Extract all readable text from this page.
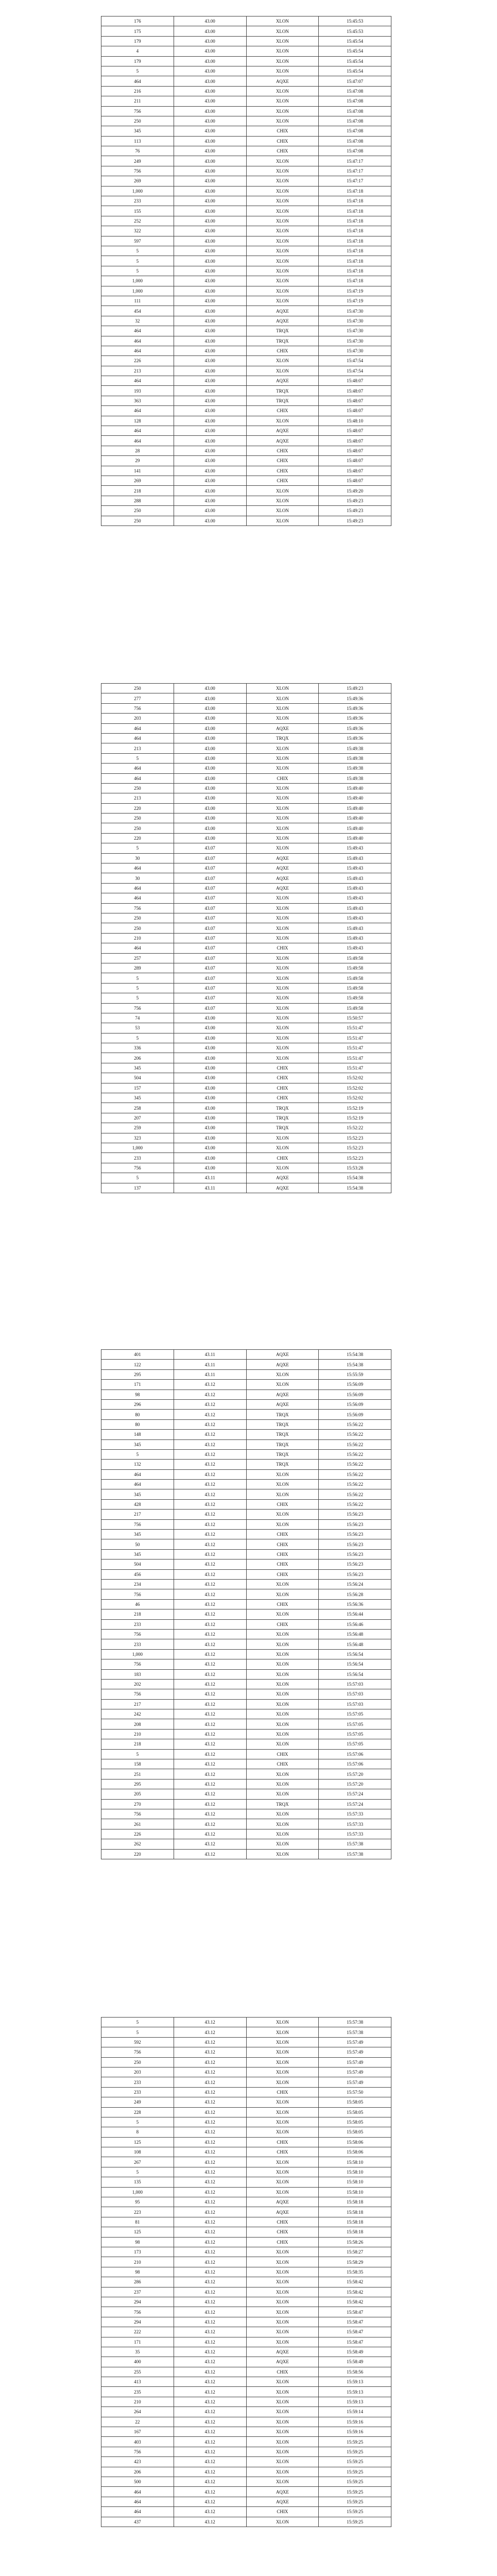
176	43.00	XLON	15:45:53
175	43.00	XLON	15:45:53
179	43.00	XLON	15:45:54
4	43.00	XLON	15:45:54
179	43.00	XLON	15:45:54
5	43.00	XLON	15:45:54
464	43.00	AQXE	15:47:07
216	43.00	XLON	15:47:08
211	43.00	XLON	15:47:08
756	43.00	XLON	15:47:08
250	43.00	XLON	15:47:08
345	43.00	CHIX	15:47:08
113	43.00	CHIX	15:47:08
76	43.00	CHIX	15:47:08
249	43.00	XLON	15:47:17
756	43.00	XLON	15:47:17
269	43.00	XLON	15:47:17
1,000	43.00	XLON	15:47:18
233	43.00	XLON	15:47:18
155	43.00	XLON	15:47:18
252	43.00	XLON	15:47:18
322	43.00	XLON	15:47:18
597	43.00	XLON	15:47:18
5	43.00	XLON	15:47:18
5	43.00	XLON	15:47:18
5	43.00	XLON	15:47:18
1,000	43.00	XLON	15:47:18
1,000	43.00	XLON	15:47:19
111	43.00	XLON	15:47:19
454	43.00	AQXE	15:47:30
32	43.00	AQXE	15:47:30
464	43.00	TRQX	15:47:30
464	43.00	TRQX	15:47:30
464	43.00	CHIX	15:47:30
226	43.00	XLON	15:47:54
213	43.00	XLON	15:47:54
464	43.00	AQXE	15:48:07
193	43.00	TRQX	15:48:07
363	43.00	TRQX	15:48:07
464	43.00	CHIX	15:48:07
128	43.00	XLON	15:48:10
464	43.00	AQXE	15:48:07
464	43.00	AQXE	15:48:07
28	43.00	CHIX	15:48:07
29	43.00	CHIX	15:48:07
141	43.00	CHIX	15:48:07
269	43.00	CHIX	15:48:07
218	43.00	XLON	15:49:20
288	43.00	XLON	15:49:23
250	43.00	XLON	15:49:23
250	43.00	XLON	15:49:23
250	43.00	XLON	15:49:23
277	43.00	XLON	15:49:36
756	43.00	XLON	15:49:36
203	43.00	XLON	15:49:36
464	43.00	AQXE	15:49:36
464	43.00	TRQX	15:49:36
213	43.00	XLON	15:49:38
5	43.00	XLON	15:49:38
464	43.00	XLON	15:49:38
464	43.00	CHIX	15:49:38
250	43.00	XLON	15:49:40
213	43.00	XLON	15:49:40
220	43.00	XLON	15:49:40
250	43.00	XLON	15:49:40
250	43.00	XLON	15:49:40
220	43.00	XLON	15:49:40
5	43.07	XLON	15:49:43
30	43.07	AQXE	15:49:43
464	43.07	AQXE	15:49:43
30	43.07	AQXE	15:49:43
464	43.07	AQXE	15:49:43
464	43.07	XLON	15:49:43
756	43.07	XLON	15:49:43
250	43.07	XLON	15:49:43
250	43.07	XLON	15:49:43
210	43.07	XLON	15:49:43
464	43.07	CHIX	15:49:43
257	43.07	XLON	15:49:58
289	43.07	XLON	15:49:58
5	43.07	XLON	15:49:58
5	43.07	XLON	15:49:58
5	43.07	XLON	15:49:58
756	43.07	XLON	15:49:58
74	43.00	XLON	15:50:57
53	43.00	XLON	15:51:47
5	43.00	XLON	15:51:47
336	43.00	XLON	15:51:47
206	43.00	XLON	15:51:47
345	43.00	CHIX	15:51:47
504	43.00	CHIX	15:52:02
157	43.00	CHIX	15:52:02
345	43.00	CHIX	15:52:02
258	43.00	TRQX	15:52:19
207	43.00	TRQX	15:52:19
259	43.00	TRQX	15:52:22
323	43.00	XLON	15:52:23
1,000	43.00	XLON	15:52:23
233	43.00	CHIX	15:52:23
756	43.00	XLON	15:53:28
5	43.11	AQXE	15:54:38
137	43.11	AQXE	15:54:38
401	43.11	AQXE	15:54:38
122	43.11	AQXE	15:54:38
295	43.11	XLON	15:55:59
171	43.12	XLON	15:56:09
98	43.12	AQXE	15:56:09
296	43.12	AQXE	15:56:09
80	43.12	TRQX	15:56:09
80	43.12	TRQX	15:56:22
148	43.12	TRQX	15:56:22
345	43.12	TRQX	15:56:22
5	43.12	TRQX	15:56:22
132	43.12	TRQX	15:56:22
464	43.12	XLON	15:56:22
464	43.12	XLON	15:56:22
345	43.12	XLON	15:56:22
428	43.12	CHIX	15:56:22
217	43.12	XLON	15:56:23
756	43.12	XLON	15:56:23
345	43.12	CHIX	15:56:23
50	43.12	CHIX	15:56:23
345	43.12	CHIX	15:56:23
504	43.12	CHIX	15:56:23
456	43.12	CHIX	15:56:23
234	43.12	XLON	15:56:24
756	43.12	XLON	15:56:28
46	43.12	CHIX	15:56:36
218	43.12	XLON	15:56:44
233	43.12	CHIX	15:56:46
756	43.12	XLON	15:56:48
233	43.12	XLON	15:56:48
1,000	43.12	XLON	15:56:54
756	43.12	XLON	15:56:54
183	43.12	XLON	15:56:54
202	43.12	XLON	15:57:03
756	43.12	XLON	15:57:03
217	43.12	XLON	15:57:03
242	43.12	XLON	15:57:05
208	43.12	XLON	15:57:05
210	43.12	XLON	15:57:05
218	43.12	XLON	15:57:05
5	43.12	CHIX	15:57:06
158	43.12	CHIX	15:57:06
251	43.12	XLON	15:57:20
295	43.12	XLON	15:57:20
205	43.12	XLON	15:57:24
270	43.12	TRQX	15:57:24
756	43.12	XLON	15:57:33
261	43.12	XLON	15:57:33
226	43.12	XLON	15:57:33
262	43.12	XLON	15:57:38
220	43.12	XLON	15:57:38
5	43.12	XLON	15:57:38
5	43.12	XLON	15:57:38
592	43.12	XLON	15:57:49
756	43.12	XLON	15:57:49
250	43.12	XLON	15:57:49
203	43.12	XLON	15:57:49
233	43.12	XLON	15:57:49
233	43.12	CHIX	15:57:50
249	43.12	XLON	15:58:05
228	43.12	XLON	15:58:05
5	43.12	XLON	15:58:05
8	43.12	XLON	15:58:05
125	43.12	CHIX	15:58:06
108	43.12	CHIX	15:58:06
267	43.12	XLON	15:58:10
5	43.12	XLON	15:58:10
135	43.12	XLON	15:58:10
1,000	43.12	XLON	15:58:10
95	43.12	AQXE	15:58:18
223	43.12	AQXE	15:58:18
81	43.12	CHIX	15:58:18
125	43.12	CHIX	15:58:18
98	43.12	CHIX	15:58:26
173	43.12	XLON	15:58:27
210	43.12	XLON	15:58:29
98	43.12	XLON	15:58:35
286	43.12	XLON	15:58:42
237	43.12	XLON	15:58:42
294	43.12	XLON	15:58:42
756	43.12	XLON	15:58:47
294	43.12	XLON	15:58:47
222	43.12	XLON	15:58:47
171	43.12	XLON	15:58:47
35	43.12	AQXE	15:58:49
400	43.12	AQXE	15:58:49
255	43.12	CHIX	15:58:56
413	43.12	XLON	15:59:13
235	43.12	XLON	15:59:13
210	43.12	XLON	15:59:13
264	43.12	XLON	15:59:14
22	43.12	XLON	15:59:16
167	43.12	XLON	15:59:16
403	43.12	XLON	15:59:25
756	43.12	XLON	15:59:25
423	43.12	XLON	15:59:25
206	43.12	XLON	15:59:25
500	43.12	XLON	15:59:25
464	43.12	AQXE	15:59:25
464	43.12	AQXE	15:59:25
464	43.12	CHIX	15:59:25
437	43.12	XLON	15:59:25
